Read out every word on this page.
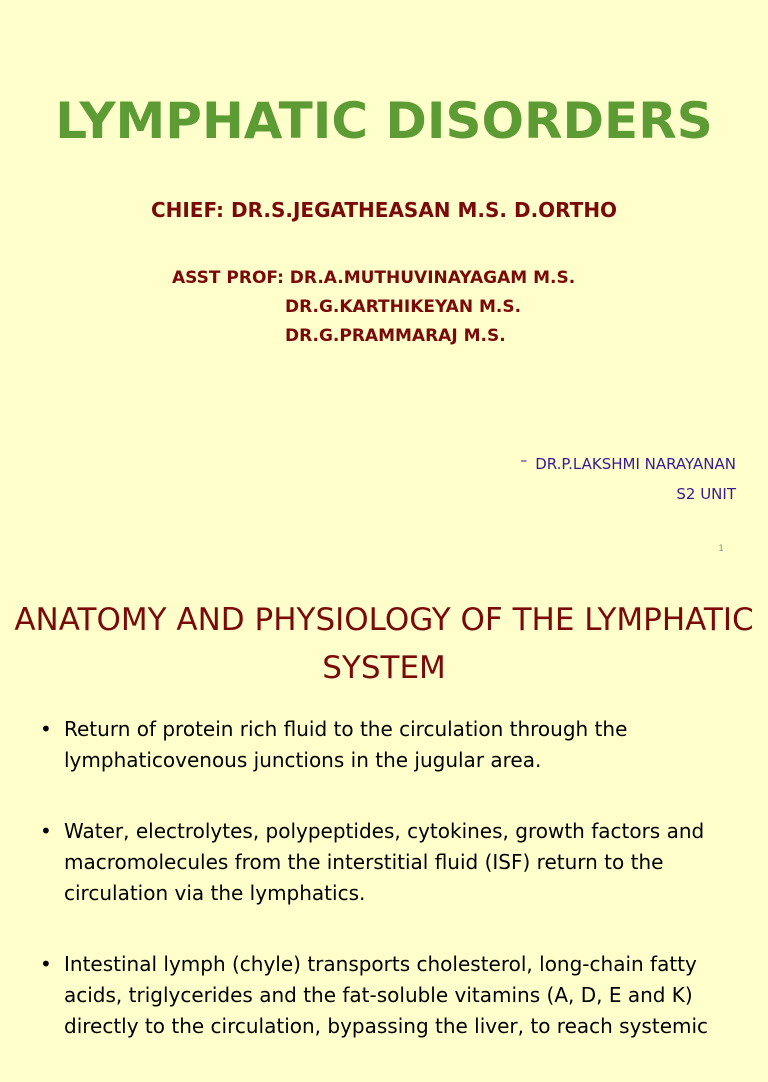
LYMPHATIC DISORDERS
CHIEF: DR.S.JEGATHEASAN M.S. D.ORTHO
ASST PROF: DR.A.MUTHUVINAYAGAM M.S.
DR.G.KARTHIKEYAN M.S.
DR.G.PRAMMARAJ M.S.
– DR.P.LAKSHMI NARAYANAN
S2 UNIT
1
ANATOMY AND PHYSIOLOGY OF THE LYMPHATIC SYSTEM
• Return of protein rich fluid to the circulation through the lymphaticovenous junctions in the jugular area.
• Water, electrolytes, polypeptides, cytokines, growth factors and macromolecules from the interstitial fluid (ISF) return to the circulation via the lymphatics.
• Intestinal lymph (chyle) transports cholesterol, long-chain fatty acids, triglycerides and the fat-soluble vitamins (A, D, E and K) directly to the circulation, bypassing the liver, to reach systemic
